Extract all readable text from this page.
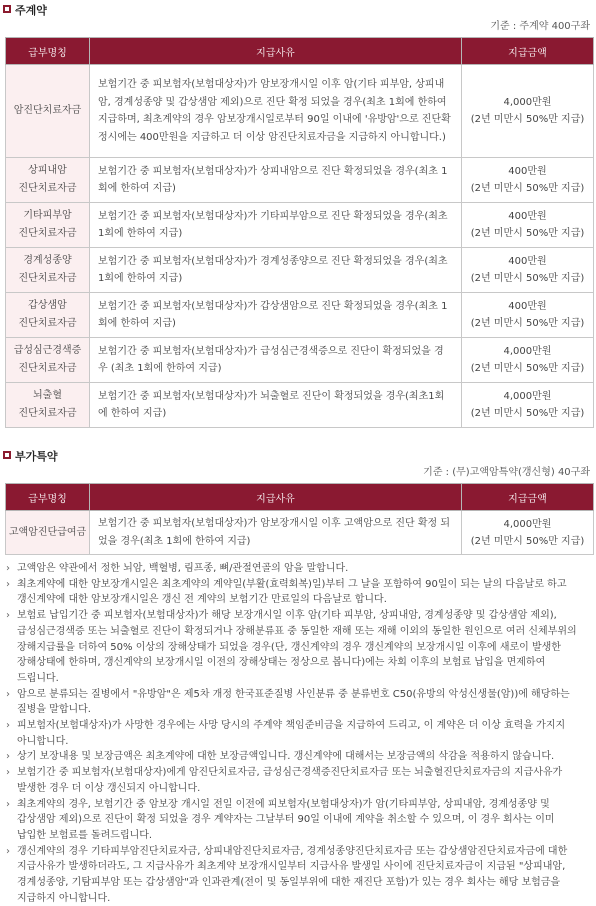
주계약
기준 : 주계약 400구좌
급부명칭	지급사유	지급금액

암진단치료자금	보험기간 중 피보험자(보험대상자)가 암보장개시일 이후 암(기타 피부암, 상피내암, 경계성종양 및 갑상샘암 제외)으로 진단 확정 되었을 경우(최초 1회에 한하여 지급하며, 최초계약의 경우 암보장개시일로부터 90일 이내에 '유방암'으로 진단확정시에는 400만원을 지급하고 더 이상 암진단치료자금을 지급하지 아니합니다.)	4,000만원
(2년 미만시 50%만 지급)

상피내암
진단치료자금	보험기간 중 피보험자(보험대상자)가 상피내암으로 진단 확정되었을 경우(최초 1회에 한하여 지급)	400만원
(2년 미만시 50%만 지급)

기타피부암
진단치료자금	보험기간 중 피보험자(보험대상자)가 기타피부암으로 진단 확정되었을 경우(최초 1회에 한하여 지급)	400만원
(2년 미만시 50%만 지급)

경계성종양
진단치료자금	보험기간 중 피보험자(보험대상자)가 경계성종양으로 진단 확정되었을 경우(최초 1회에 한하여 지급)	400만원
(2년 미만시 50%만 지급)

갑상샘암
진단치료자금	보험기간 중 피보험자(보험대상자)가 갑상샘암으로 진단 확정되었을 경우(최초 1회에 한하여 지급)	400만원
(2년 미만시 50%만 지급)

급성심근경색증
진단치료자금	보험기간 중 피보험자(보험대상자)가 급성심근경색증으로 진단이 확정되었을 경우 (최초 1회에 한하여 지급)	4,000만원
(2년 미만시 50%만 지급)

뇌출혈
진단치료자금	보험기간 중 피보험자(보험대상자)가 뇌출혈로 진단이 확정되었을 경우(최초1회에 한하여 지급)	4,000만원
(2년 미만시 50%만 지급)
부가특약
기준 : (무)고액암특약(갱신형) 40구좌
급부명칭	지급사유	지급금액

고액암진단급여금	보험기간 중 피보험자(보험대상자)가 암보장개시일 이후 고액암으로 진단 확정 되었을 경우(최초 1회에 한하여 지급)	4,000만원
(2년 미만시 50%만 지급)
› 고액암은 약관에서 정한 뇌암, 백혈병, 림프종, 뼈/관절연골의 암을 말합니다.
› 최초계약에 대한 암보장개시일은 최초계약의 계약일(부활(효력회복)일)부터 그 날을 포함하여 90일이 되는 날의 다음날로 하고 갱신계약에 대한 암보장개시일은 갱신 전 계약의 보험기간 만료일의 다음날로 합니다.
› 보험료 납입기간 중 피보험자(보험대상자)가 해당 보장개시일 이후 암(기타 피부암, 상피내암, 경계성종양 및 갑상샘암 제외), 급성심근경색증 또는 뇌출혈로 진단이 확정되거나 장해분류표 중 동일한 재해 또는 재해 이외의 동일한 원인으로 여러 신체부위의 장해지급률을 더하여 50% 이상의 장해상태가 되었을 경우(단, 갱신계약의 경우 갱신계약의 보장개시일 이후에 새로이 발생한 장해상태에 한하며, 갱신계약의 보장개시일 이전의 장해상태는 정상으로 봅니다)에는 차회 이후의 보험료 납입을 면제하여 드립니다.
› 암으로 분류되는 질병에서 "유방암"은 제5차 개정 한국표준질병 사인분류 중 분류번호 C50(유방의 악성신생물(암))에 해당하는 질병을 말합니다.
› 피보험자(보험대상자)가 사망한 경우에는 사망 당시의 주계약 책임준비금을 지급하여 드리고, 이 계약은 더 이상 효력을 가지지 아니합니다.
› 상기 보장내용 및 보장금액은 최초계약에 대한 보장금액입니다. 갱신계약에 대해서는 보장금액의 삭감을 적용하지 않습니다.
› 보험기간 중 피보험자(보험대상자)에게 암진단치료자금, 급성심근경색증진단치료자금 또는 뇌출혈진단치료자금의 지급사유가 발생한 경우 더 이상 갱신되지 아니합니다.
› 최초계약의 경우, 보험기간 중 암보장 개시일 전일 이전에 피보험자(보험대상자)가 암(기타피부암, 상피내암, 경계성종양 및 갑상샘암 제외)으로 진단이 확정 되었을 경우 계약자는 그날부터 90일 이내에 계약을 취소할 수 있으며, 이 경우 회사는 이미 납입한 보험료를 돌려드립니다.
› 갱신계약의 경우 기타피부암진단치료자금, 상피내암진단치료자금, 경계성종양진단치료자금 또는 갑상샘암진단치료자금에 대한 지급사유가 발생하더라도, 그 지급사유가 최초계약 보장개시일부터 지급사유 발생일 사이에 진단치료자금이 지급된 "상피내암,경계성종양, 기탐피부암 또는 갑상샘암"과 인과관계(전이 및 동일부위에 대한 재진단 포함)가 있는 경우 회사는 해당 보험금을 지급하지 아니합니다.
